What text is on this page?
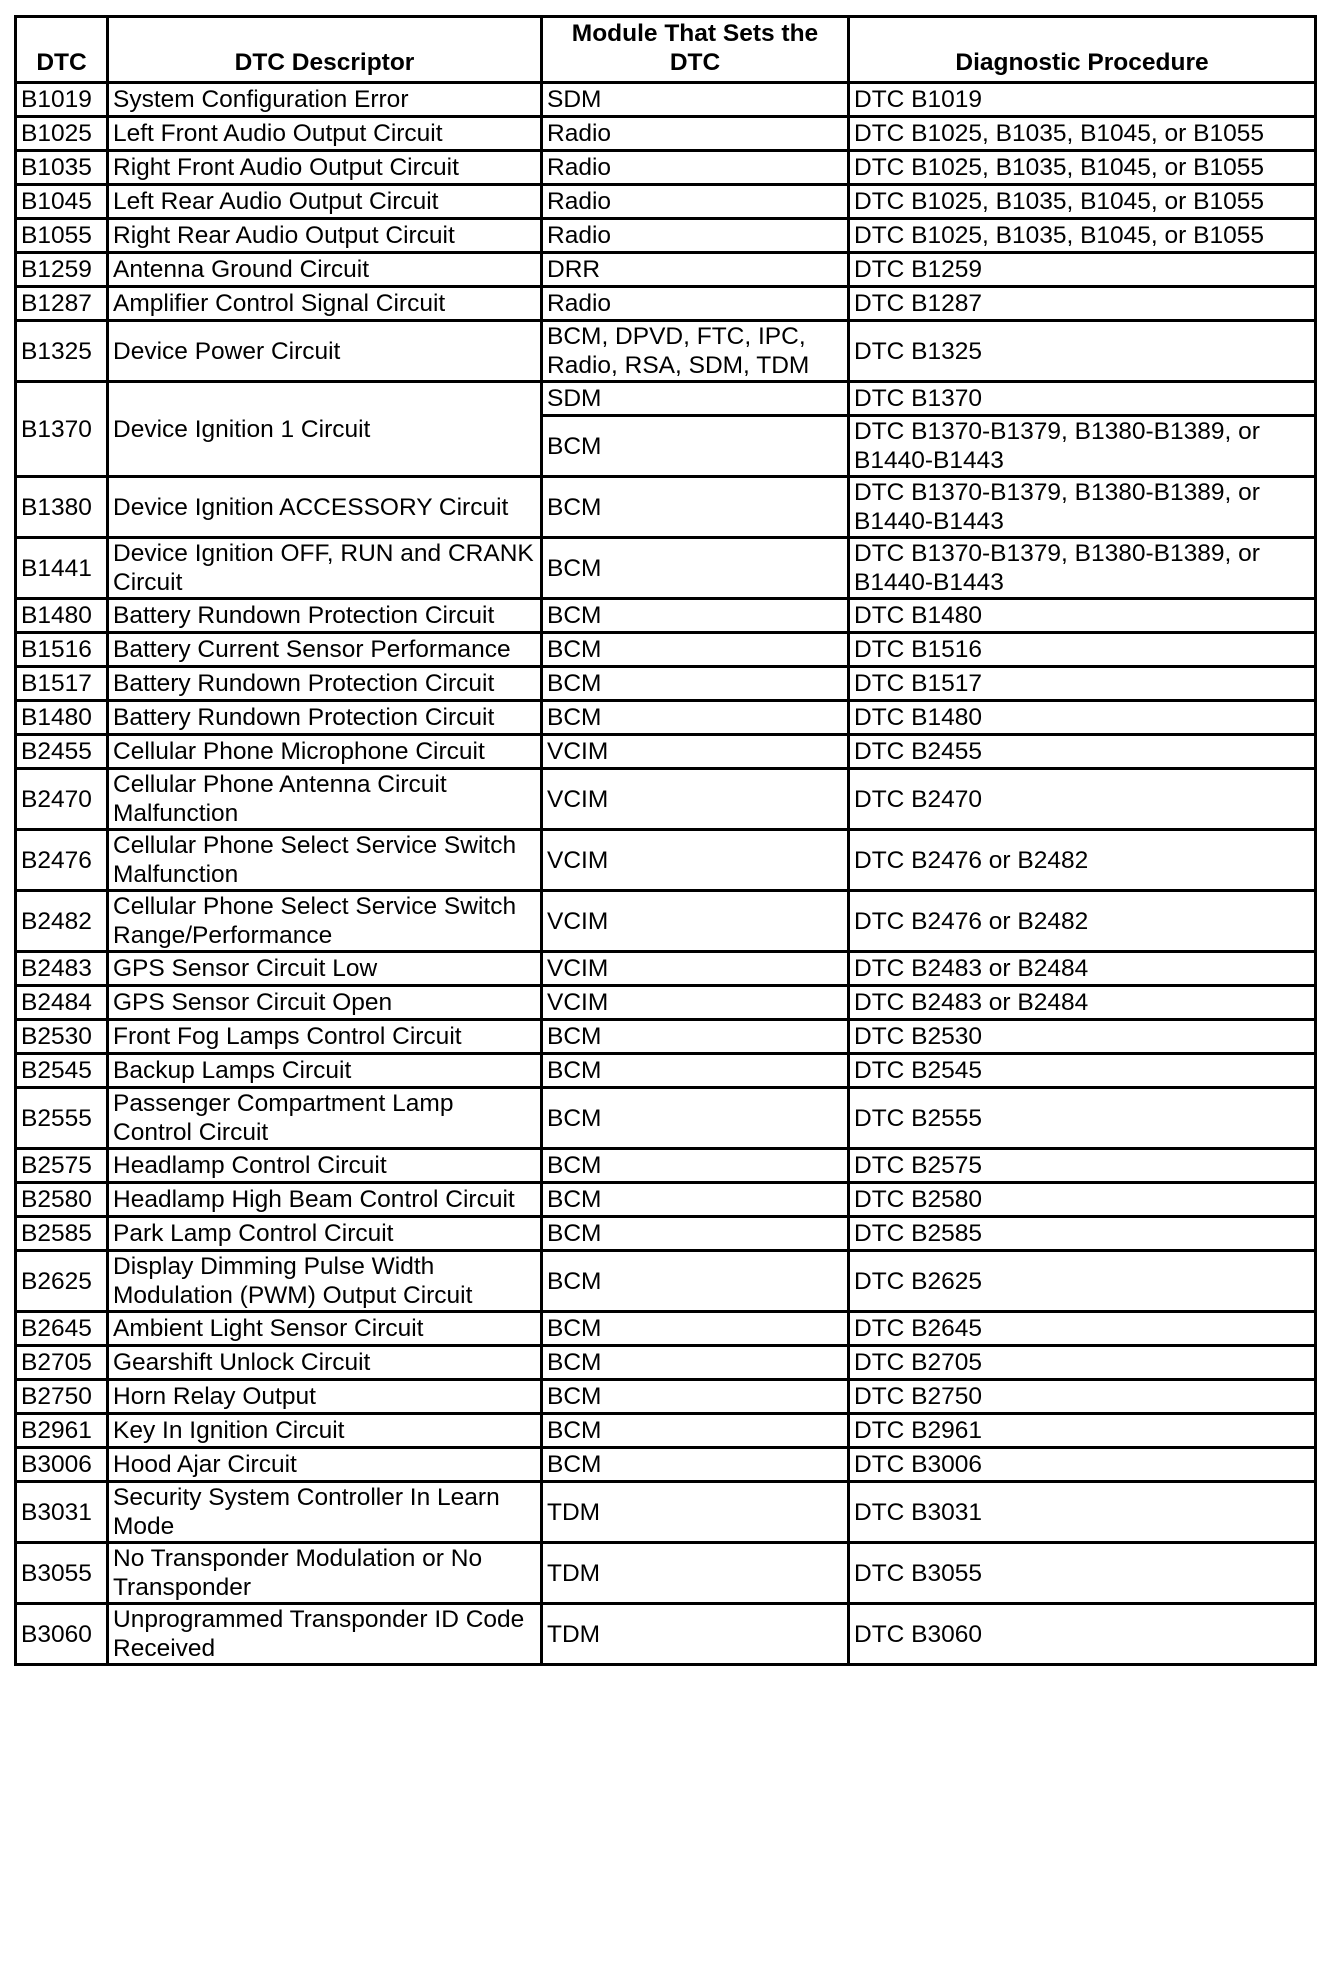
DTC	DTC Descriptor	Module That Sets the DTC	Diagnostic Procedure
B1019	System Configuration Error	SDM	DTC B1019
B1025	Left Front Audio Output Circuit	Radio	DTC B1025, B1035, B1045, or B1055
B1035	Right Front Audio Output Circuit	Radio	DTC B1025, B1035, B1045, or B1055
B1045	Left Rear Audio Output Circuit	Radio	DTC B1025, B1035, B1045, or B1055
B1055	Right Rear Audio Output Circuit	Radio	DTC B1025, B1035, B1045, or B1055
B1259	Antenna Ground Circuit	DRR	DTC B1259
B1287	Amplifier Control Signal Circuit	Radio	DTC B1287
B1325	Device Power Circuit	BCM, DPVD, FTC, IPC, Radio, RSA, SDM, TDM	DTC B1325
B1370	Device Ignition 1 Circuit	SDM	DTC B1370
		BCM	DTC B1370-B1379, B1380-B1389, or B1440-B1443
B1380	Device Ignition ACCESSORY Circuit	BCM	DTC B1370-B1379, B1380-B1389, or B1440-B1443
B1441	Device Ignition OFF, RUN and CRANK Circuit	BCM	DTC B1370-B1379, B1380-B1389, or B1440-B1443
B1480	Battery Rundown Protection Circuit	BCM	DTC B1480
B1516	Battery Current Sensor Performance	BCM	DTC B1516
B1517	Battery Rundown Protection Circuit	BCM	DTC B1517
B1480	Battery Rundown Protection Circuit	BCM	DTC B1480
B2455	Cellular Phone Microphone Circuit	VCIM	DTC B2455
B2470	Cellular Phone Antenna Circuit Malfunction	VCIM	DTC B2470
B2476	Cellular Phone Select Service Switch Malfunction	VCIM	DTC B2476 or B2482
B2482	Cellular Phone Select Service Switch Range/Performance	VCIM	DTC B2476 or B2482
B2483	GPS Sensor Circuit Low	VCIM	DTC B2483 or B2484
B2484	GPS Sensor Circuit Open	VCIM	DTC B2483 or B2484
B2530	Front Fog Lamps Control Circuit	BCM	DTC B2530
B2545	Backup Lamps Circuit	BCM	DTC B2545
B2555	Passenger Compartment Lamp Control Circuit	BCM	DTC B2555
B2575	Headlamp Control Circuit	BCM	DTC B2575
B2580	Headlamp High Beam Control Circuit	BCM	DTC B2580
B2585	Park Lamp Control Circuit	BCM	DTC B2585
B2625	Display Dimming Pulse Width Modulation (PWM) Output Circuit	BCM	DTC B2625
B2645	Ambient Light Sensor Circuit	BCM	DTC B2645
B2705	Gearshift Unlock Circuit	BCM	DTC B2705
B2750	Horn Relay Output	BCM	DTC B2750
B2961	Key In Ignition Circuit	BCM	DTC B2961
B3006	Hood Ajar Circuit	BCM	DTC B3006
B3031	Security System Controller In Learn Mode	TDM	DTC B3031
B3055	No Transponder Modulation or No Transponder	TDM	DTC B3055
B3060	Unprogrammed Transponder ID Code Received	TDM	DTC B3060
